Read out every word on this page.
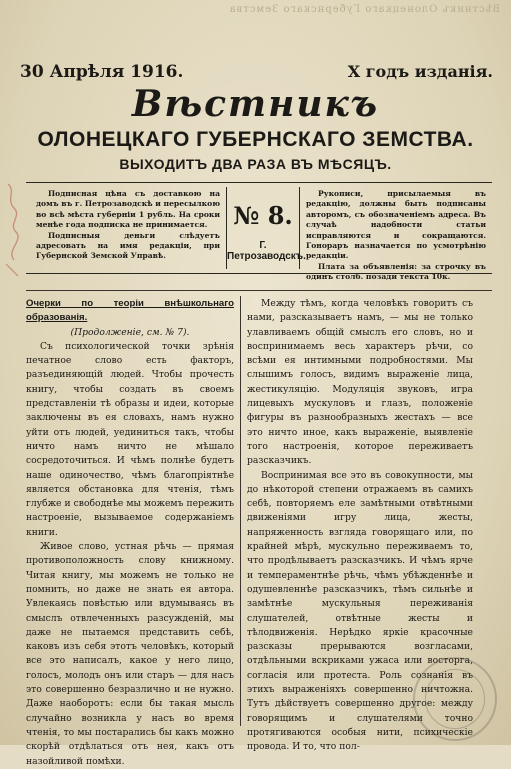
Вѣстникъ Олонецкаго Губернскаго Земства
30 Апрѣля 1916.	X годъ изданiя.
Вѣстникъ
ОЛОНЕЦКАГО ГУБЕРНСКАГО ЗЕМСТВА.
ВЫХОДИТЪ ДВА РАЗА ВЪ МѢСЯЦЪ.

Подписная цѣна съ доставкою на домъ въ г. Петрозаводскѣ и пересылкою во всѣ мѣста губернiи 1 рубль. На сроки менѣе года подписка не принимается.

Подписныя деньги слѣдуетъ адресовать на имя редакцiи, при Губернской Земской Управѣ.

№ 8.
Г. Петрозаводскъ.

Рукописи, присылаемыя въ редакцiю, должны быть подписаны авторомъ, съ обозначенiемъ адреса. Въ случаѣ надобности статьи исправляются и сокращаются. Гонораръ назначается по усмотрѣнiю редакцiи.

Плата за объявленiя: за строчку въ одинъ столб. позади текста 10к.

Очерки по теорiи внѣшкольнаго образованiя.

(Продолженiе, см. № 7).

Съ психологической точки зрѣнiя печатное слово есть факторъ, разъединяющiй людей. Чтобы прочесть книгу, чтобы создать въ своемъ представленiи тѣ образы и идеи, которые заключены въ ея словахъ, намъ нужно уйти отъ людей, уединиться такъ, чтобы ничто намъ ничто не мѣшало сосредоточиться. И чѣмъ полнѣе будетъ наше одиночество, чѣмъ благопрiятнѣе является обстановка для чтенiя, тѣмъ глубже и свободнѣе мы можемъ пережить настроенiе, вызываемое содержанiемъ книги.

Живое слово, устная рѣчь — прямая противоположность слову книжному. Читая книгу, мы можемъ не только не помнить, но даже не знать ея автора. Увлекаясь повѣстью или вдумываясь въ смыслъ отвлеченныхъ разсужденiй, мы даже не пытаемся представить себѣ, каковъ изъ себя этотъ человѣкъ, который все это написалъ, какое у него лицо, голосъ, молодъ онъ или старъ — для насъ это совершенно безразлично и не нужно. Даже наоборотъ: если бы такая мысль случайно возникла у насъ во время чтенiя, то мы постарались бы какъ можно скорѣй отдѣлаться отъ нея, какъ отъ назойливой помѣхи.

Между тѣмъ, когда человѣкъ говоритъ съ нами, разсказываетъ намъ, — мы не только улавливаемъ общiй смыслъ его словъ, но и воспринимаемъ весь характеръ рѣчи, со всѣми ея интимными подробностями. Мы слышимъ голосъ, видимъ выраженiе лица, жестикуляцiю. Модуляцiя звуковъ, игра лицевыхъ мускуловъ и глазъ, положенiе фигуры въ разнообразныхъ жестахъ — все это ничто иное, какъ выраженiе, выявленiе того настроенiя, которое переживаетъ разсказчикъ.

Воспринимая все это въ совокупности, мы до нѣкоторой степени отражаемъ въ самихъ себѣ, повторяемъ еле замѣтными отвѣтными движенiями игру лица, жесты, напряженность взгляда говорящаго или, по крайней мѣрѣ, мускульно переживаемъ то, что продѣлываетъ разсказчикъ. И чѣмъ ярче и темпераментнѣе рѣчь, чѣмъ убѣжденнѣе и одушевленнѣе разсказчикъ, тѣмъ сильнѣе и замѣтнѣе мускульныя переживанiя слушателей, отвѣтные жесты и тѣлодвиженiя. Нерѣдко яркiе красочные разсказы прерываются возгласами, отдѣльными вскриками ужаса или восторга, согласiя или протеста. Роль сознанiя въ этихъ выраженiяхъ совершенно ничтожна. Тутъ дѣйствуетъ совершенно другое: между говорящимъ и слушателями точно протягиваются особыя нити, психическiе провода. И то, что пол-
